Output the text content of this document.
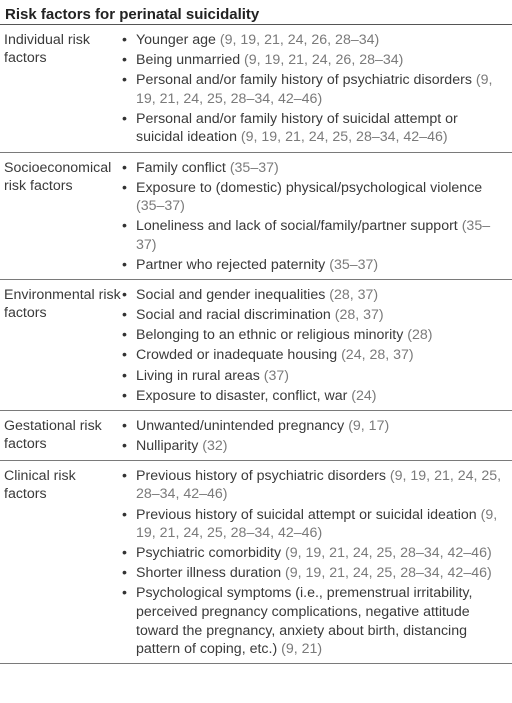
Risk factors for perinatal suicidality
Individual risk factors
• Younger age (9, 19, 21, 24, 26, 28–34)
• Being unmarried (9, 19, 21, 24, 26, 28–34)
• Personal and/or family history of psychiatric disorders (9, 19, 21, 24, 25, 28–34, 42–46)
• Personal and/or family history of suicidal attempt or suicidal ideation (9, 19, 21, 24, 25, 28–34, 42–46)
Socioeconomical risk factors
• Family conflict (35–37)
• Exposure to (domestic) physical/psychological violence (35–37)
• Loneliness and lack of social/family/partner support (35–37)
• Partner who rejected paternity (35–37)
Environmental risk factors
• Social and gender inequalities (28, 37)
• Social and racial discrimination (28, 37)
• Belonging to an ethnic or religious minority (28)
• Crowded or inadequate housing (24, 28, 37)
• Living in rural areas (37)
• Exposure to disaster, conflict, war (24)
Gestational risk factors
• Unwanted/unintended pregnancy (9, 17)
• Nulliparity (32)
Clinical risk factors
• Previous history of psychiatric disorders (9, 19, 21, 24, 25, 28–34, 42–46)
• Previous history of suicidal attempt or suicidal ideation (9, 19, 21, 24, 25, 28–34, 42–46)
• Psychiatric comorbidity (9, 19, 21, 24, 25, 28–34, 42–46)
• Shorter illness duration (9, 19, 21, 24, 25, 28–34, 42–46)
• Psychological symptoms (i.e., premenstrual irritability, perceived pregnancy complications, negative attitude toward the pregnancy, anxiety about birth, distancing pattern of coping, etc.) (9, 21)
